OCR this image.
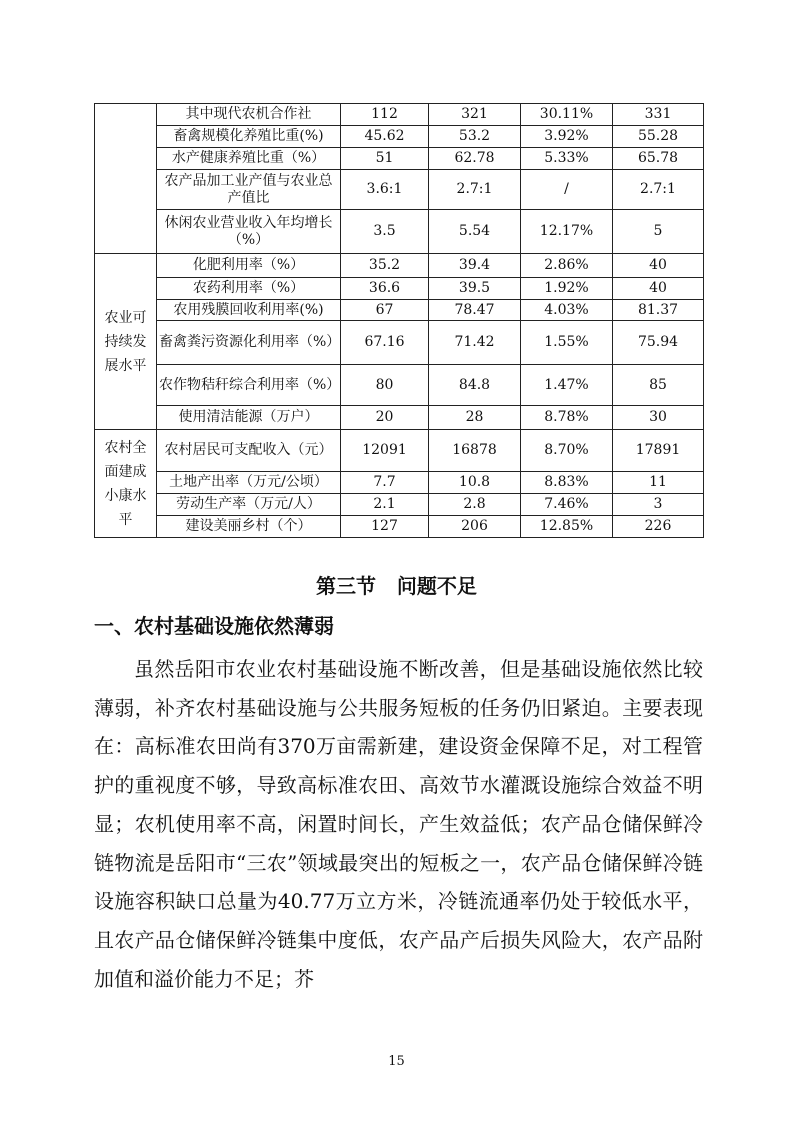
	其中现代农机合作社	112	321	30.11%	331
	畜禽规模化养殖比重(%)	45.62	53.2	3.92%	55.28
	水产健康养殖比重（%）	51	62.78	5.33%	65.78
	农产品加工业产值与农业总产值比	3.6:1	2.7:1	/	2.7:1
	休闲农业营业收入年均增长（%）	3.5	5.54	12.17%	5
农业可持续发展水平	化肥利用率（%）	35.2	39.4	2.86%	40
	农药利用率（%）	36.6	39.5	1.92%	40
	农用残膜回收利用率(%)	67	78.47	4.03%	81.37
	畜禽粪污资源化利用率（%）	67.16	71.42	1.55%	75.94
	农作物秸秆综合利用率（%）	80	84.8	1.47%	85
	使用清洁能源（万户）	20	28	8.78%	30
农村全面建成小康水平	农村居民可支配收入（元）	12091	16878	8.70%	17891
	土地产出率（万元/公顷）	7.7	10.8	8.83%	11
	劳动生产率（万元/人）	2.1	2.8	7.46%	3
	建设美丽乡村（个）	127	206	12.85%	226
第三节   问题不足
一、农村基础设施依然薄弱

虽然岳阳市农业农村基础设施不断改善，但是基础设施依然比较薄弱，补齐农村基础设施与公共服务短板的任务仍旧紧迫。主要表现在：高标准农田尚有370万亩需新建，建设资金保障不足，对工程管护的重视度不够，导致高标准农田、高效节水灌溉设施综合效益不明显；农机使用率不高，闲置时间长，产生效益低；农产品仓储保鲜冷链物流是岳阳市“三农”领域最突出的短板之一，农产品仓储保鲜冷链设施容积缺口总量为40.77万立方米，冷链流通率仍处于较低水平，且农产品仓储保鲜冷链集中度低，农产品产后损失风险大，农产品附加值和溢价能力不足；芥

15
